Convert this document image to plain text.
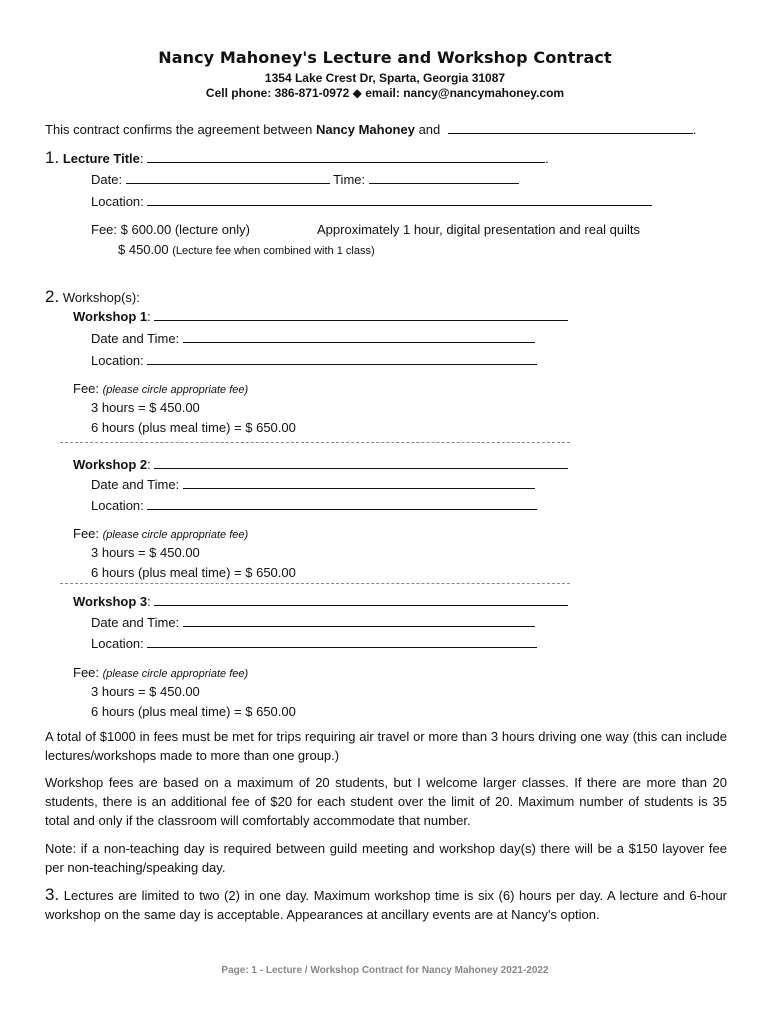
Nancy Mahoney's Lecture and Workshop Contract
1354 Lake Crest Dr, Sparta, Georgia 31087
Cell phone: 386-871-0972 ◆ email: nancy@nancymahoney.com
This contract confirms the agreement between Nancy Mahoney and	.
1. Lecture Title:	.
Date:	Time:
Location:
Fee: $ 600.00 (lecture only)	Approximately 1 hour, digital presentation and real quilts
$ 450.00 (Lecture fee when combined with 1 class)
2. Workshop(s):
Workshop 1:
Date and Time:
Location:
Fee: (please circle appropriate fee)
3 hours = $ 450.00
6 hours (plus meal time) = $ 650.00
Workshop 2:
Date and Time:
Location:
Fee: (please circle appropriate fee)
3 hours = $ 450.00
6 hours (plus meal time) = $ 650.00
Workshop 3:
Date and Time:
Location:
Fee: (please circle appropriate fee)
3 hours = $ 450.00
6 hours (plus meal time) = $ 650.00
A total of $1000 in fees must be met for trips requiring air travel or more than 3 hours driving one way (this can include lectures/workshops made to more than one group.)
Workshop fees are based on a maximum of 20 students, but I welcome larger classes. If there are more than 20 students, there is an additional fee of $20 for each student over the limit of 20. Maximum number of students is 35 total and only if the classroom will comfortably accommodate that number.
Note: if a non-teaching day is required between guild meeting and workshop day(s) there will be a $150 layover fee per non-teaching/speaking day.
3. Lectures are limited to two (2) in one day. Maximum workshop time is six (6) hours per day. A lecture and 6-hour workshop on the same day is acceptable. Appearances at ancillary events are at Nancy's option.
Page: 1 - Lecture / Workshop Contract for Nancy Mahoney 2021-2022
